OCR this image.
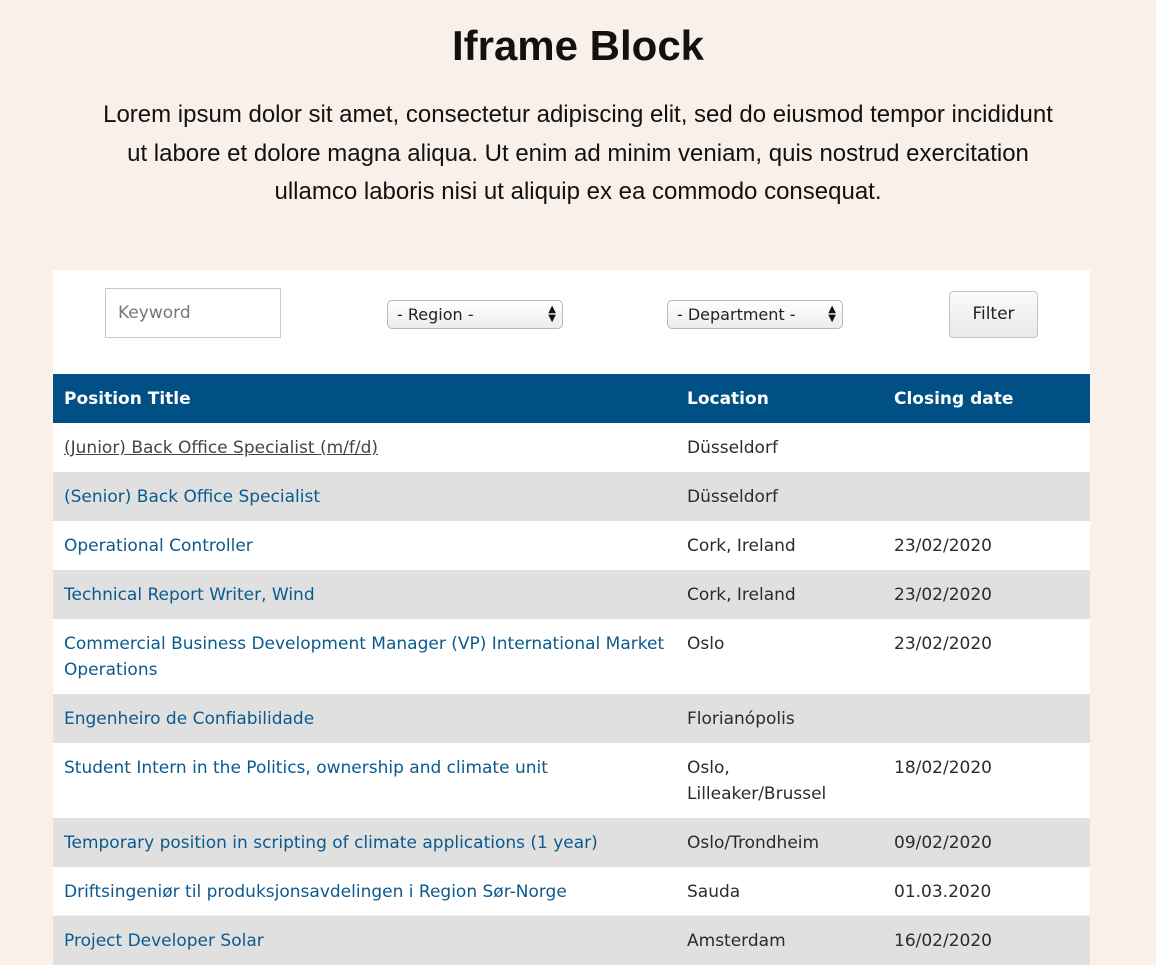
Iframe Block

Lorem ipsum dolor sit amet, consectetur adipiscing elit, sed do eiusmod tempor incididunt ut labore et dolore magna aliqua. Ut enim ad minim veniam, quis nostrud exercitation ullamco laboris nisi ut aliquip ex ea commodo consequat.

Keyword
- Region -	▲
▼	- Department -	▲
▼	Filter
Position Title	Location	Closing date
(Junior) Back Office Specialist (m/f/d)	Düsseldorf	
(Senior) Back Office Specialist	Düsseldorf	
Operational Controller	Cork, Ireland	23/02/2020
Technical Report Writer, Wind	Cork, Ireland	23/02/2020
Commercial Business Development Manager (VP) International Market Operations	Oslo	23/02/2020
Engenheiro de Confiabilidade	Florianópolis	
Student Intern in the Politics, ownership and climate unit	Oslo, Lilleaker/Brussel	18/02/2020
Temporary position in scripting of climate applications (1 year)	Oslo/Trondheim	09/02/2020
Driftsingeniør til produksjonsavdelingen i Region Sør-Norge	Sauda	01.03.2020
Project Developer Solar	Amsterdam	16/02/2020
